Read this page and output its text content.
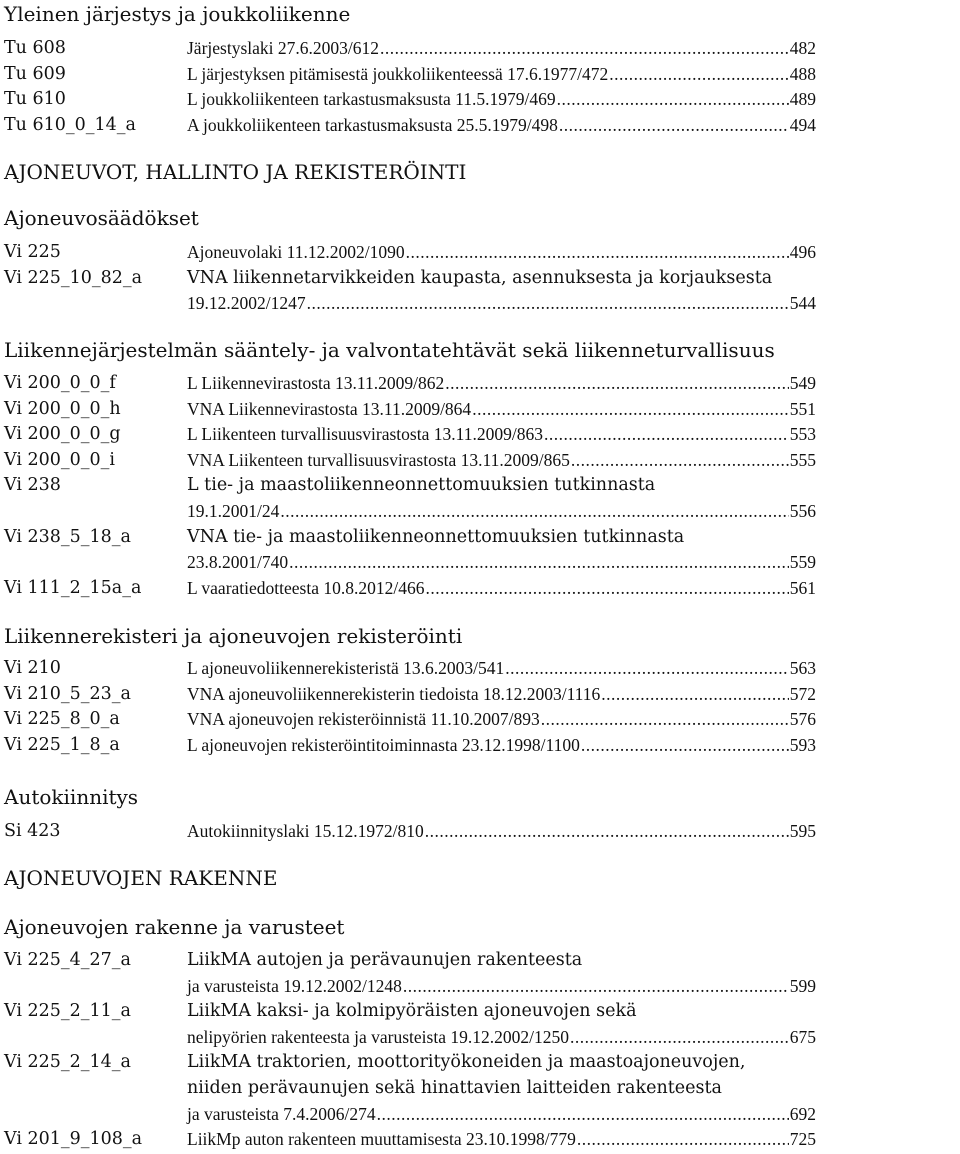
Yleinen järjestys ja joukkoliikenne
Tu 608	Järjestyslaki 27.6.2003/612 .....	482
Tu 609	L järjestyksen pitämisestä joukkoliikenteessä 17.6.1977/472 .....	488
Tu 610	L joukkoliikenteen tarkastusmaksusta 11.5.1979/469 .....	489
Tu 610_0_14_a	A joukkoliikenteen tarkastusmaksusta 25.5.1979/498 .....	494
AJONEUVOT, HALLINTO JA REKISTERÖINTI
Ajoneuvosäädökset
Vi 225	Ajoneuvolaki 11.12.2002/1090 .....	496
Vi 225_10_82_a	VNA liikennetarvikkeiden kaupasta, asennuksesta ja korjauksesta
19.12.2002/1247 .....	544
Liikennejärjestelmän sääntely- ja valvontatehtävät sekä liikenneturvallisuus
Vi 200_0_0_f	L Liikennevirastosta 13.11.2009/862 .....	549
Vi 200_0_0_h	VNA Liikennevirastosta 13.11.2009/864 .....	551
Vi 200_0_0_g	L Liikenteen turvallisuusvirastosta 13.11.2009/863 .....	553
Vi 200_0_0_i	VNA Liikenteen turvallisuusvirastosta 13.11.2009/865 .....	555
Vi 238	L tie- ja maastoliikenneonnettomuuksien tutkinnasta
19.1.2001/24 .....	556
Vi 238_5_18_a	VNA tie- ja maastoliikenneonnettomuuksien tutkinnasta
23.8.2001/740 .....	559
Vi 111_2_15a_a	L vaaratiedotteesta 10.8.2012/466 .....	561
Liikennerekisteri ja ajoneuvojen rekisteröinti
Vi 210	L ajoneuvoliikennerekisteristä 13.6.2003/541 .....	563
Vi 210_5_23_a	VNA ajoneuvoliikennerekisterin tiedoista 18.12.2003/1116 .....	572
Vi 225_8_0_a	VNA ajoneuvojen rekisteröinnistä 11.10.2007/893 .....	576
Vi 225_1_8_a	L ajoneuvojen rekisteröintitoiminnasta 23.12.1998/1100 .....	593
Autokiinnitys
Si 423	Autokiinnityslaki 15.12.1972/810 .....	595
AJONEUVOJEN RAKENNE
Ajoneuvojen rakenne ja varusteet
Vi 225_4_27_a	LiikMA autojen ja perävaunujen rakenteesta
ja varusteista 19.12.2002/1248 .....	599
Vi 225_2_11_a	LiikMA kaksi- ja kolmipyöräisten ajoneuvojen sekä
nelipyörien rakenteesta ja varusteista 19.12.2002/1250 .....	675
Vi 225_2_14_a	LiikMA traktorien, moottorityökoneiden ja maastoajoneuvojen,
niiden perävaunujen sekä hinattavien laitteiden rakenteesta
ja varusteista 7.4.2006/274 .....	692
Vi 201_9_108_a	LiikMp auton rakenteen muuttamisesta 23.10.1998/779 .....	725
